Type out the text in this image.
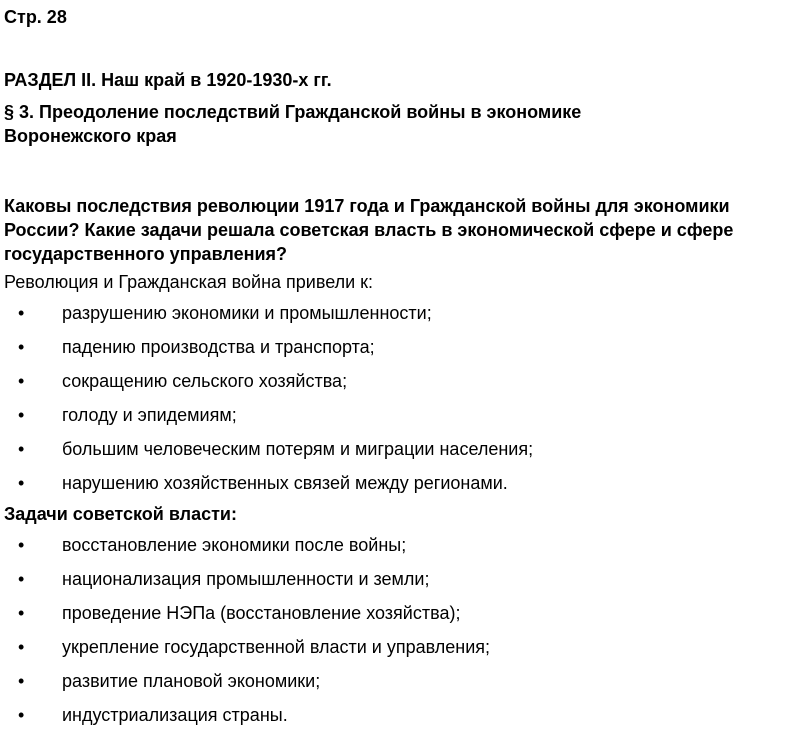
Стр. 28

РАЗДЕЛ II. Наш край в 1920-1930-х гг.

§ 3. Преодоление последствий Гражданской войны в экономике Воронежского края

Каковы последствия революции 1917 года и Гражданской войны для экономики России? Какие задачи решала советская власть в экономической сфере и сфере государственного управления?

Революция и Гражданская война привели к:

• разрушению экономики и промышленности;
• падению производства и транспорта;
• сокращению сельского хозяйства;
• голоду и эпидемиям;
• большим человеческим потерям и миграции населения;
• нарушению хозяйственных связей между регионами.

Задачи советской власти:

• восстановление экономики после войны;
• национализация промышленности и земли;
• проведение НЭПа (восстановление хозяйства);
• укрепление государственной власти и управления;
• развитие плановой экономики;
• индустриализация страны.
